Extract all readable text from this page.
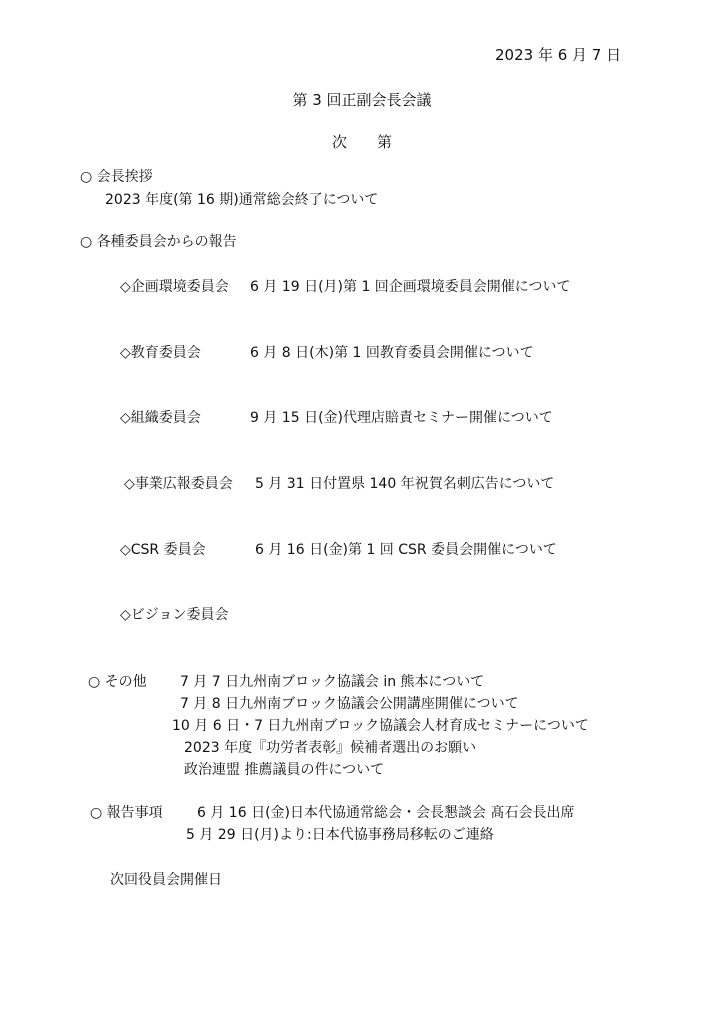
2023 年 6 月 7 日
第 3 回正副会長会議
次　　第
○ 会長挨拶
2023 年度(第 16 期)通常総会終了について
○ 各種委員会からの報告
◇企画環境委員会 6 月 19 日(月)第 1 回企画環境委員会開催について
◇教育委員会	6 月 8 日(木)第 1 回教育委員会開催について
◇組織委員会	9 月 15 日(金)代理店賠責セミナー開催について
◇事業広報委員会 5 月 31 日付置県 140 年祝賀名刺広告について
◇CSR 委員会	6 月 16 日(金)第 1 回 CSR 委員会開催について
◇ビジョン委員会
○ その他 7 月 7 日九州南ブロック協議会 in 熊本について
7 月 8 日九州南ブロック協議会公開講座開催について
10 月 6 日・7 日九州南ブロック協議会人材育成セミナーについて
2023 年度『功労者表彰』候補者選出のお願い
政治連盟 推薦議員の件について
○ 報告事項 6 月 16 日(金)日本代協通常総会・会長懇談会 髙石会長出席
5 月 29 日(月)より:日本代協事務局移転のご連絡
次回役員会開催日
